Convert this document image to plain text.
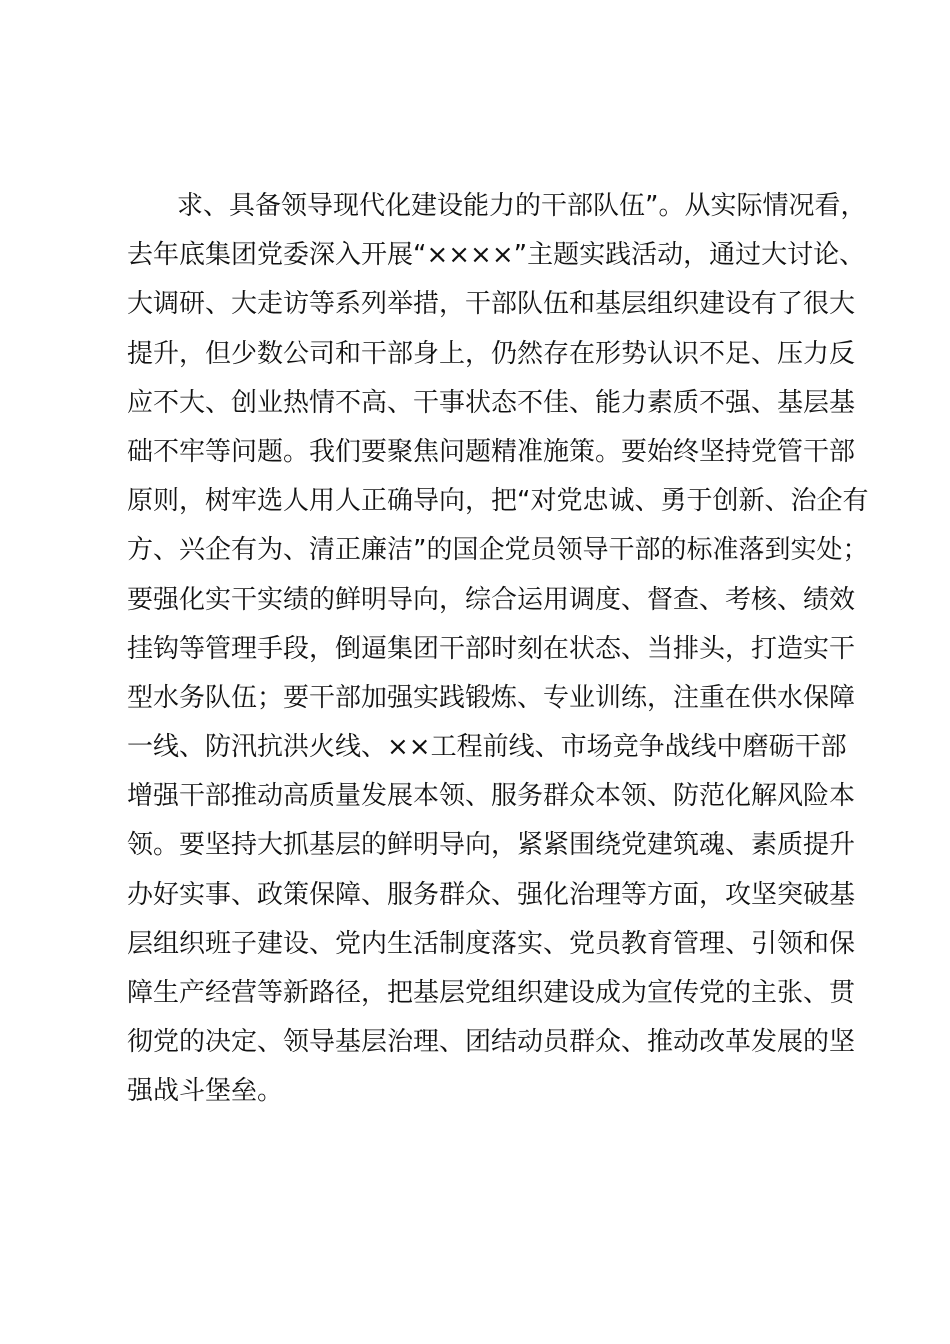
求、具备领导现代化建设能力的干部队伍”。从实际情况看，
去年底集团党委深入开展“××××”主题实践活动，通过大讨论、
大调研、大走访等系列举措，干部队伍和基层组织建设有了很大
提升，但少数公司和干部身上，仍然存在形势认识不足、压力反
应不大、创业热情不高、干事状态不佳、能力素质不强、基层基
础不牢等问题。我们要聚焦问题精准施策。要始终坚持党管干部
原则，树牢选人用人正确导向，把“对党忠诚、勇于创新、治企有
方、兴企有为、清正廉洁”的国企党员领导干部的标准落到实处；
要强化实干实绩的鲜明导向，综合运用调度、督查、考核、绩效
挂钩等管理手段，倒逼集团干部时刻在状态、当排头，打造实干
型水务队伍；要干部加强实践锻炼、专业训练，注重在供水保障
一线、防汛抗洪火线、××工程前线、市场竞争战线中磨砺干部
增强干部推动高质量发展本领、服务群众本领、防范化解风险本
领。要坚持大抓基层的鲜明导向，紧紧围绕党建筑魂、素质提升
办好实事、政策保障、服务群众、强化治理等方面，攻坚突破基
层组织班子建设、党内生活制度落实、党员教育管理、引领和保
障生产经营等新路径，把基层党组织建设成为宣传党的主张、贯
彻党的决定、领导基层治理、团结动员群众、推动改革发展的坚
强战斗堡垒。
